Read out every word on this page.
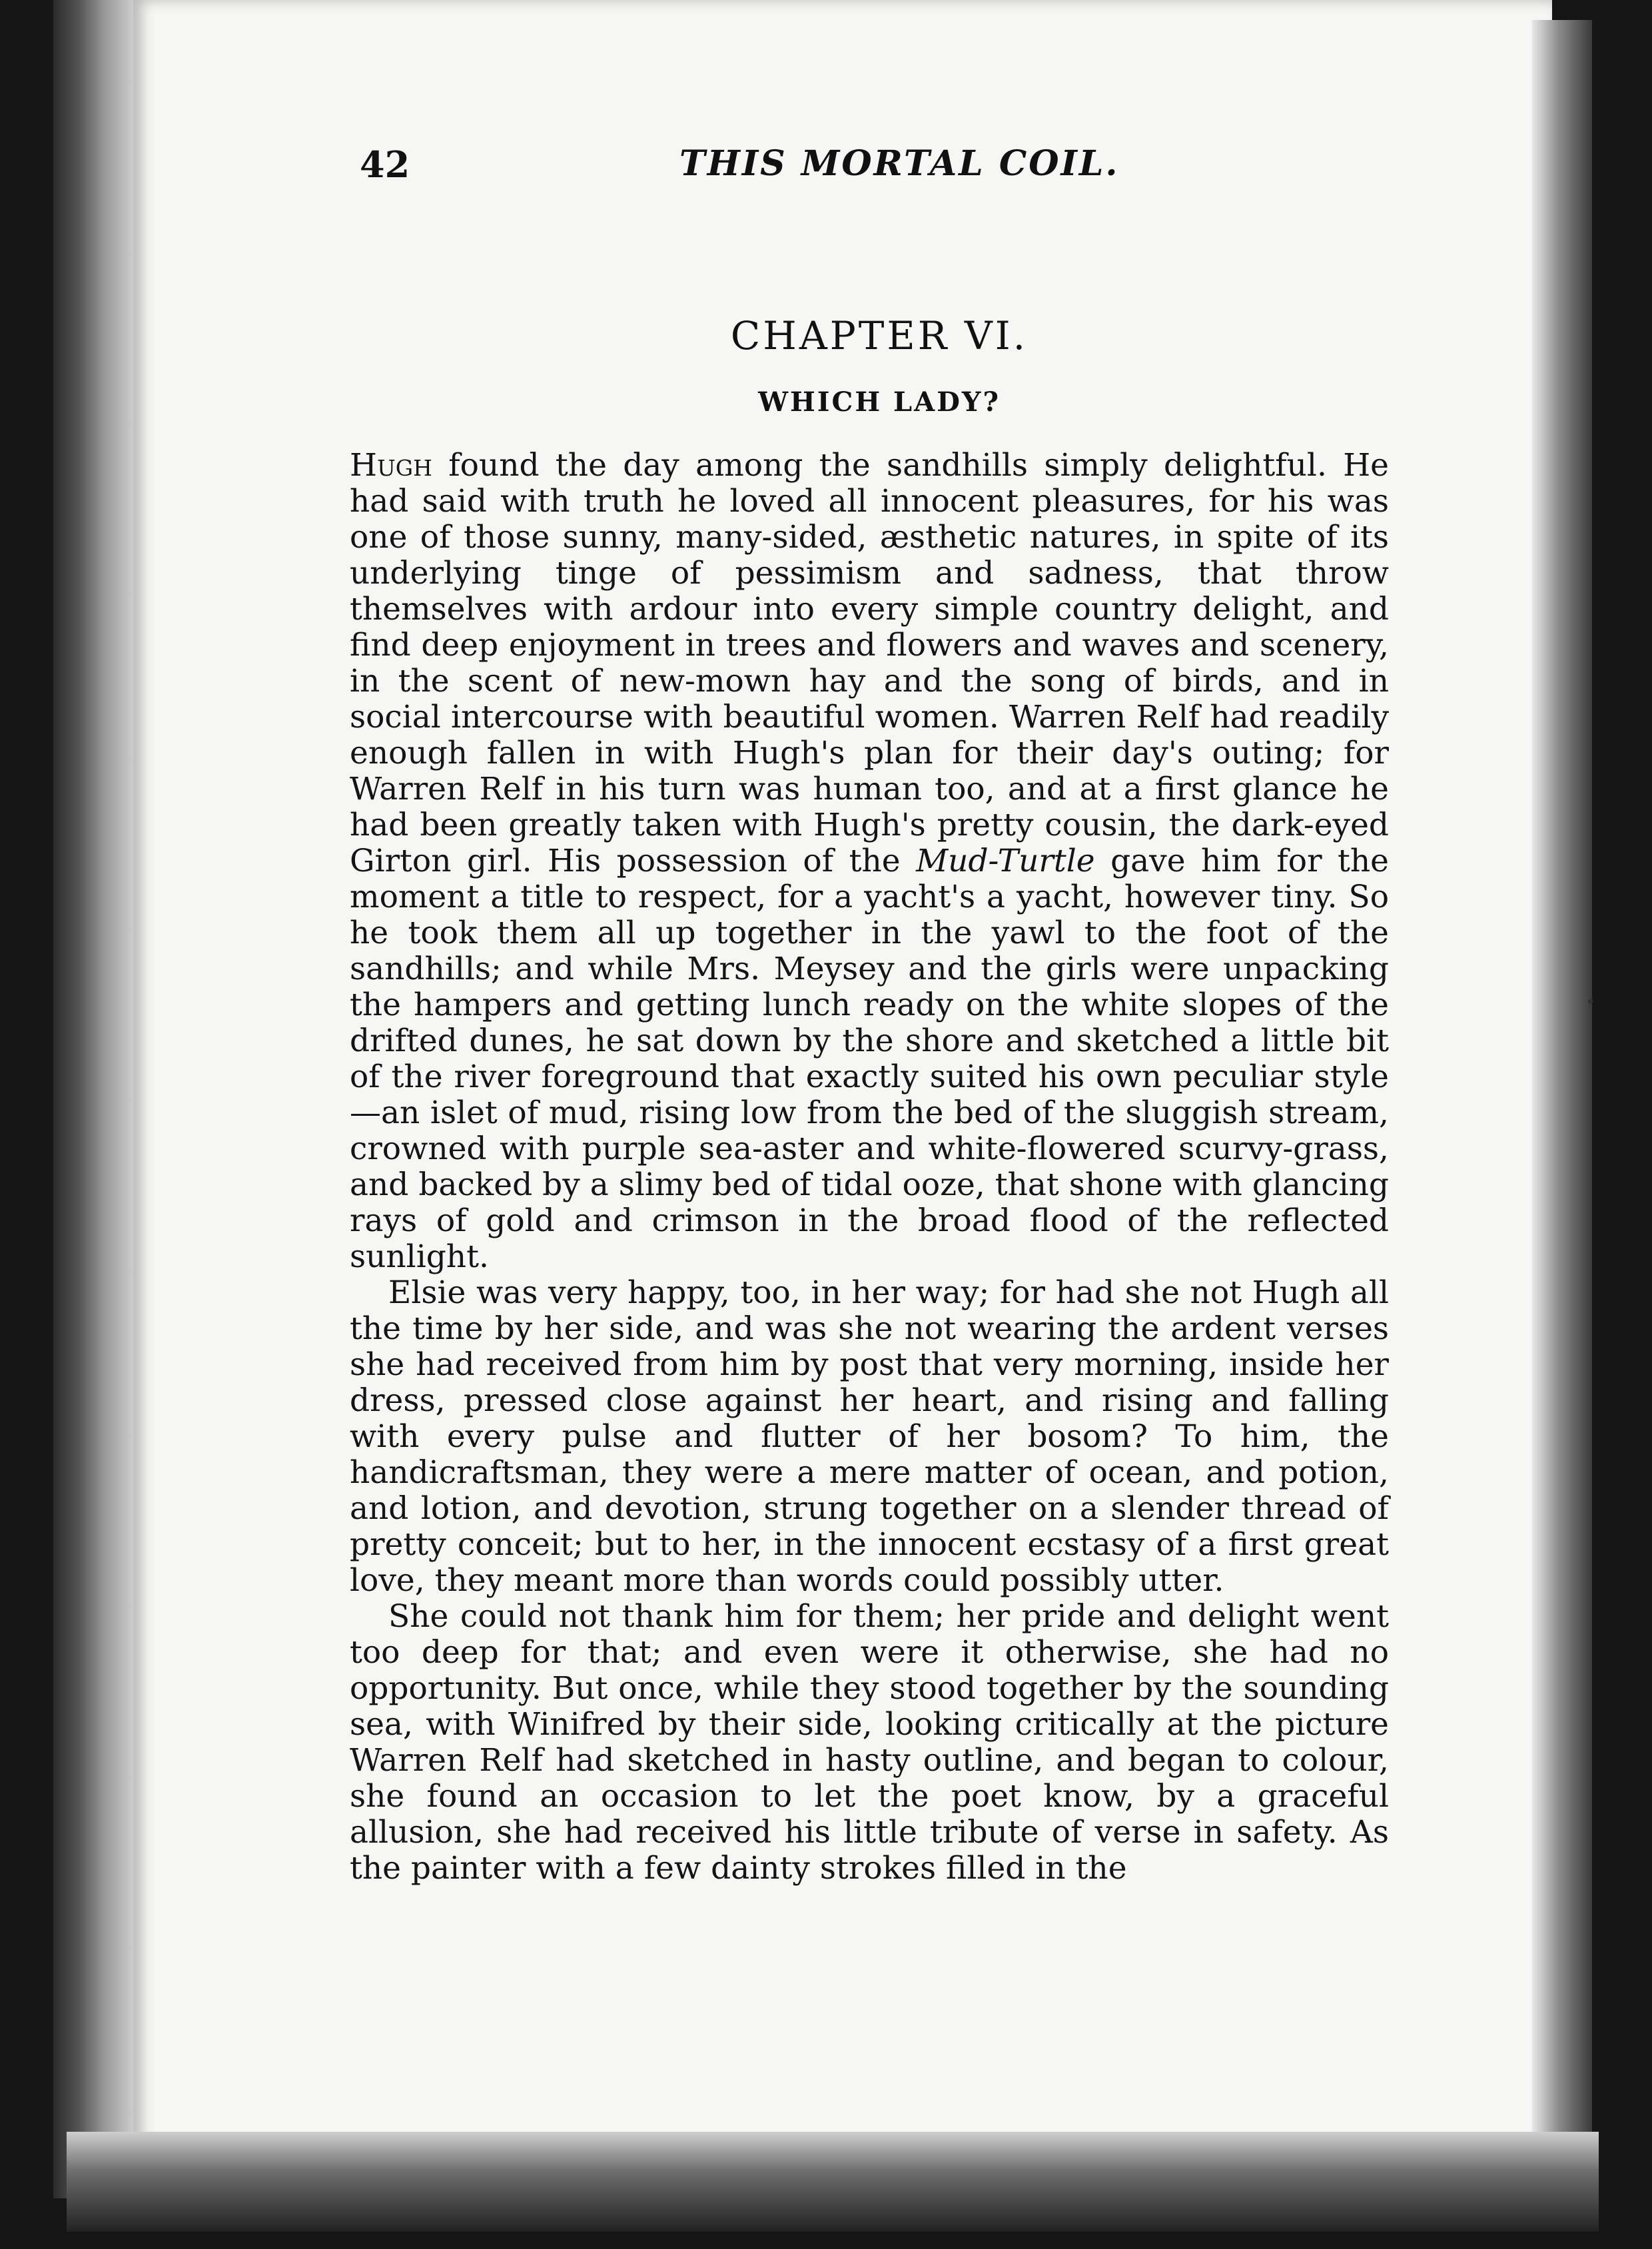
42	THIS MORTAL COIL.
CHAPTER VI.
WHICH LADY?

Hugh found the day among the sandhills simply delightful. He had said with truth he loved all innocent pleasures, for his was one of those sunny, many-sided, æsthetic natures, in spite of its underlying tinge of pessimism and sadness, that throw themselves with ardour into every simple country delight, and find deep enjoyment in trees and flowers and waves and scenery, in the scent of new-mown hay and the song of birds, and in social intercourse with beautiful women. Warren Relf had readily enough fallen in with Hugh's plan for their day's outing; for Warren Relf in his turn was human too, and at a first glance he had been greatly taken with Hugh's pretty cousin, the dark-eyed Girton girl. His possession of the Mud-Turtle gave him for the moment a title to respect, for a yacht's a yacht, however tiny. So he took them all up together in the yawl to the foot of the sandhills; and while Mrs. Meysey and the girls were unpacking the hampers and getting lunch ready on the white slopes of the drifted dunes, he sat down by the shore and sketched a little bit of the river foreground that exactly suited his own peculiar style—an islet of mud, rising low from the bed of the sluggish stream, crowned with purple sea-aster and white-flowered scurvy-grass, and backed by a slimy bed of tidal ooze, that shone with glancing rays of gold and crimson in the broad flood of the reflected sunlight.

Elsie was very happy, too, in her way; for had she not Hugh all the time by her side, and was she not wearing the ardent verses she had received from him by post that very morning, inside her dress, pressed close against her heart, and rising and falling with every pulse and flutter of her bosom? To him, the handicraftsman, they were a mere matter of ocean, and potion, and lotion, and devotion, strung together on a slender thread of pretty conceit; but to her, in the innocent ecstasy of a first great love, they meant more than words could possibly utter.

She could not thank him for them; her pride and delight went too deep for that; and even were it otherwise, she had no opportunity. But once, while they stood together by the sounding sea, with Winifred by their side, looking critically at the picture Warren Relf had sketched in hasty outline, and began to colour, she found an occasion to let the poet know, by a graceful allusion, she had received his little tribute of verse in safety. As the painter with a few dainty strokes filled in the

•
